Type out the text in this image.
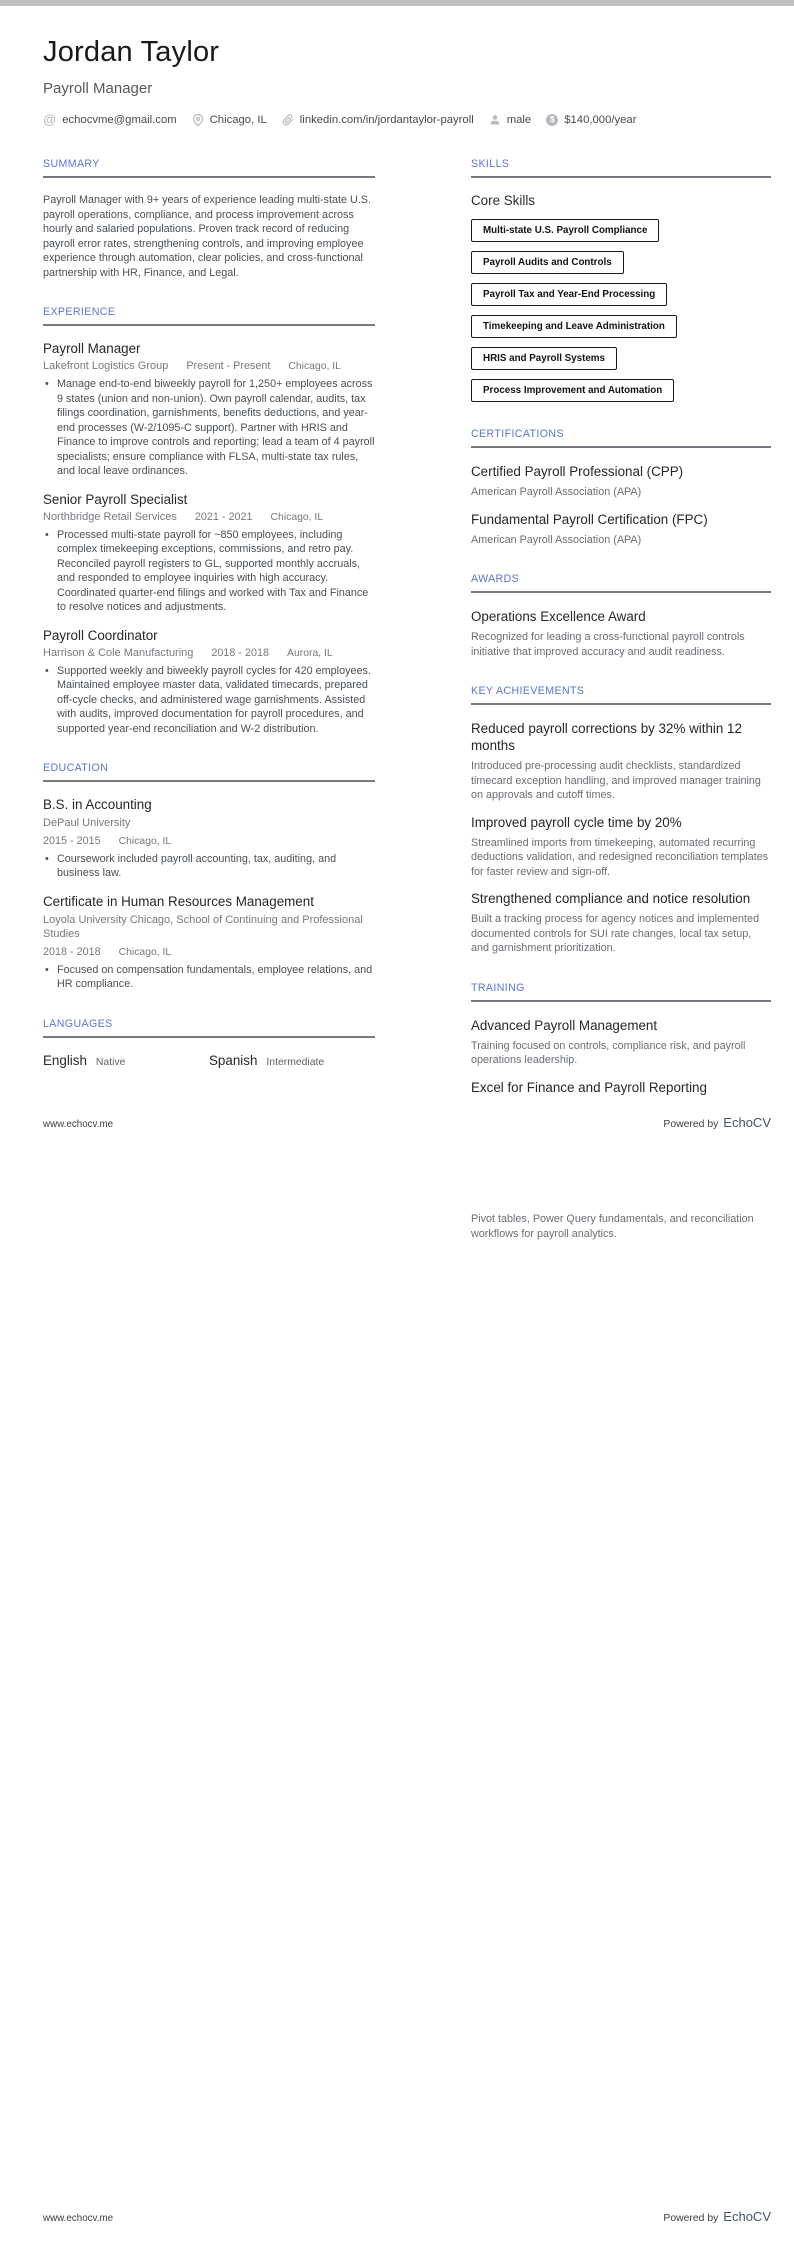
Jordan Taylor
Payroll Manager
@ echocvme@gmail.com	Chicago, IL	linkedin.com/in/jordantaylor-payroll	male	$ $140,000/year
SUMMARY

Payroll Manager with 9+ years of experience leading multi-state U.S. payroll operations, compliance, and process improvement across hourly and salaried populations. Proven track record of reducing payroll error rates, strengthening controls, and improving employee experience through automation, clear policies, and cross-functional partnership with HR, Finance, and Legal.

EXPERIENCE
Payroll Manager
Lakefront Logistics Group Present - Present Chicago, IL
• Manage end-to-end biweekly payroll for 1,250+ employees across 9 states (union and non-union). Own payroll calendar, audits, tax filings coordination, garnishments, benefits deductions, and year-end processes (W-2/1095-C support). Partner with HRIS and Finance to improve controls and reporting; lead a team of 4 payroll specialists; ensure compliance with FLSA, multi-state tax rules, and local leave ordinances.
Senior Payroll Specialist
Northbridge Retail Services 2021 - 2021 Chicago, IL
• Processed multi-state payroll for ~850 employees, including complex timekeeping exceptions, commissions, and retro pay. Reconciled payroll registers to GL, supported monthly accruals, and responded to employee inquiries with high accuracy. Coordinated quarter-end filings and worked with Tax and Finance to resolve notices and adjustments.
Payroll Coordinator
Harrison & Cole Manufacturing 2018 - 2018 Aurora, IL
• Supported weekly and biweekly payroll cycles for 420 employees. Maintained employee master data, validated timecards, prepared off-cycle checks, and administered wage garnishments. Assisted with audits, improved documentation for payroll procedures, and supported year-end reconciliation and W-2 distribution.
EDUCATION
B.S. in Accounting
DePaul University
2015 - 2015 Chicago, IL
• Coursework included payroll accounting, tax, auditing, and business law.
Certificate in Human Resources Management
Loyola University Chicago, School of Continuing and Professional Studies
2018 - 2018 Chicago, IL
• Focused on compensation fundamentals, employee relations, and HR compliance.
LANGUAGES
English Native	Spanish Intermediate
SKILLS
Core Skills
Multi-state U.S. Payroll Compliance
Payroll Audits and Controls
Payroll Tax and Year-End Processing
Timekeeping and Leave Administration
HRIS and Payroll Systems
Process Improvement and Automation
CERTIFICATIONS
Certified Payroll Professional (CPP)
American Payroll Association (APA)
Fundamental Payroll Certification (FPC)
American Payroll Association (APA)
AWARDS
Operations Excellence Award
Recognized for leading a cross-functional payroll controls initiative that improved accuracy and audit readiness.
KEY ACHIEVEMENTS
Reduced payroll corrections by 32% within 12 months
Introduced pre-processing audit checklists, standardized timecard exception handling, and improved manager training on approvals and cutoff times.
Improved payroll cycle time by 20%
Streamlined imports from timekeeping, automated recurring deductions validation, and redesigned reconciliation templates for faster review and sign-off.
Strengthened compliance and notice resolution
Built a tracking process for agency notices and implemented documented controls for SUI rate changes, local tax setup, and garnishment prioritization.
TRAINING
Advanced Payroll Management
Training focused on controls, compliance risk, and payroll operations leadership.
Excel for Finance and Payroll Reporting
www.echocv.me	Powered by EchoCV
Pivot tables, Power Query fundamentals, and reconciliation workflows for payroll analytics.
www.echocv.me	Powered by EchoCV
